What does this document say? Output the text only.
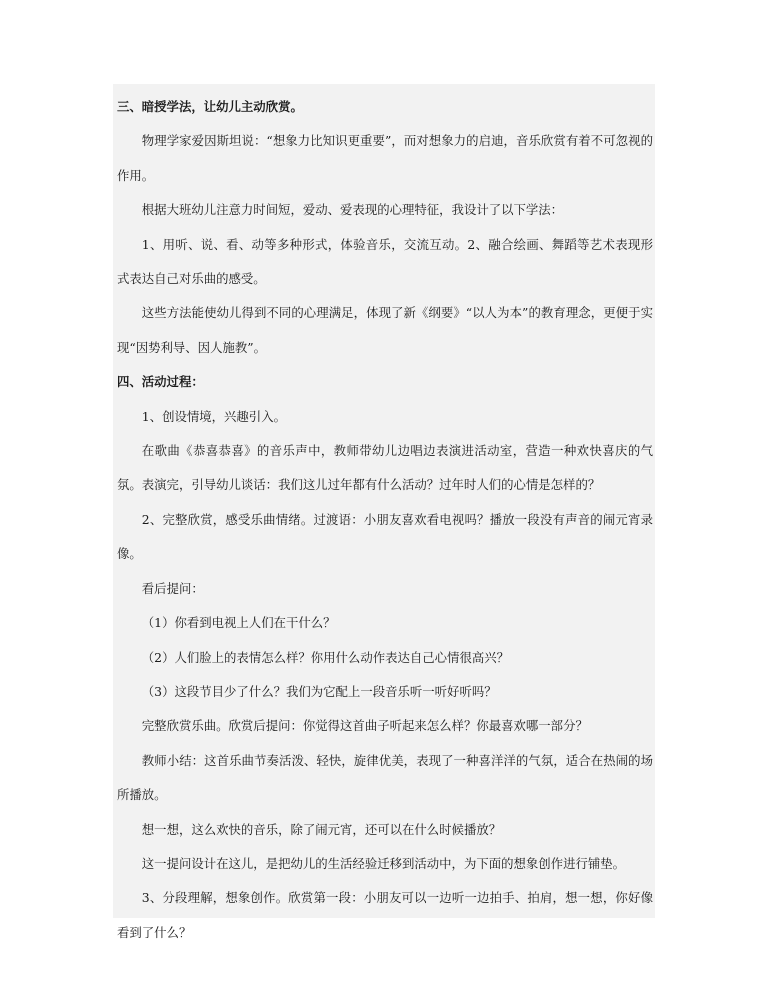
三、暗授学法，让幼儿主动欣赏。

物理学家爱因斯坦说：“想象力比知识更重要”，而对想象力的启迪，音乐欣赏有着不可忽视的作用。

根据大班幼儿注意力时间短，爱动、爱表现的心理特征，我设计了以下学法：

1、用听、说、看、动等多种形式，体验音乐，交流互动。2、融合绘画、舞蹈等艺术表现形式表达自己对乐曲的感受。

这些方法能使幼儿得到不同的心理满足，体现了新《纲要》“以人为本”的教育理念，更便于实现“因势利导、因人施教”。

四、活动过程：

1、创设情境，兴趣引入。

在歌曲《恭喜恭喜》的音乐声中，教师带幼儿边唱边表演进活动室，营造一种欢快喜庆的气氛。表演完，引导幼儿谈话：我们这儿过年都有什么活动？过年时人们的心情是怎样的？

2、完整欣赏，感受乐曲情绪。过渡语：小朋友喜欢看电视吗？播放一段没有声音的闹元宵录像。

看后提问：

（1）你看到电视上人们在干什么？

（2）人们脸上的表情怎么样？你用什么动作表达自己心情很高兴？

（3）这段节目少了什么？我们为它配上一段音乐听一听好听吗？

完整欣赏乐曲。欣赏后提问：你觉得这首曲子听起来怎么样？你最喜欢哪一部分？

教师小结：这首乐曲节奏活泼、轻快，旋律优美，表现了一种喜洋洋的气氛，适合在热闹的场所播放。

想一想，这么欢快的音乐，除了闹元宵，还可以在什么时候播放？

这一提问设计在这儿，是把幼儿的生活经验迁移到活动中，为下面的想象创作进行铺垫。

3、分段理解，想象创作。欣赏第一段：小朋友可以一边听一边拍手、拍肩，想一想，你好像看到了什么？
